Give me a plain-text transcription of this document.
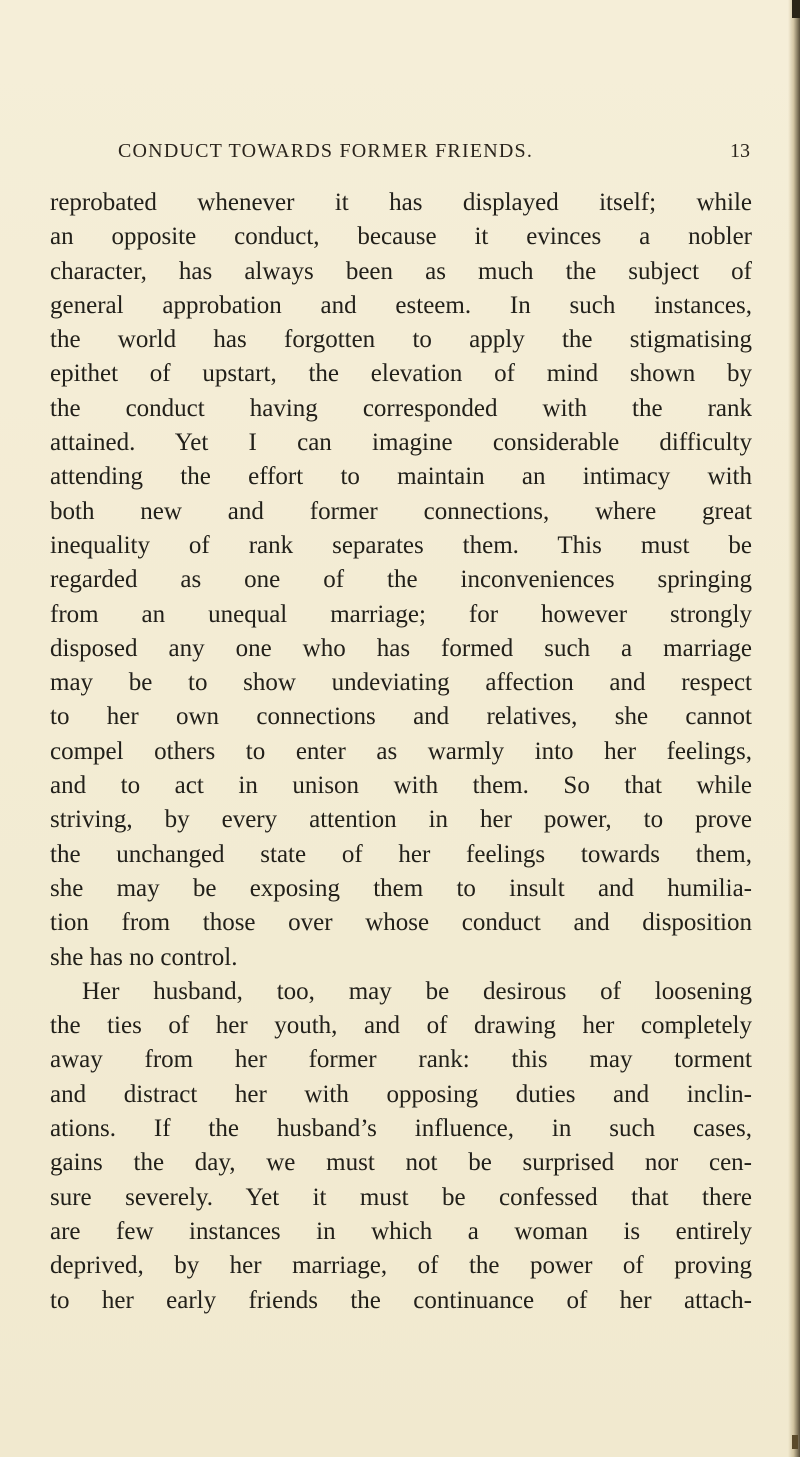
CONDUCT TOWARDS FORMER FRIENDS.	13
reprobated whenever it has displayed itself; while
an opposite conduct, because it evinces a nobler
character, has always been as much the subject of
general approbation and esteem. In such instances,
the world has forgotten to apply the stigmatising
epithet of upstart, the elevation of mind shown by
the conduct having corresponded with the rank
attained. Yet I can imagine considerable difficulty
attending the effort to maintain an intimacy with
both new and former connections, where great
inequality of rank separates them. This must be
regarded as one of the inconveniences springing
from an unequal marriage; for however strongly
disposed any one who has formed such a marriage
may be to show undeviating affection and respect
to her own connections and relatives, she cannot
compel others to enter as warmly into her feelings,
and to act in unison with them. So that while
striving, by every attention in her power, to prove
the unchanged state of her feelings towards them,
she may be exposing them to insult and humilia-
tion from those over whose conduct and disposition
she has no control.
Her husband, too, may be desirous of loosening
the ties of her youth, and of drawing her completely
away from her former rank: this may torment
and distract her with opposing duties and inclin-
ations. If the husband’s influence, in such cases,
gains the day, we must not be surprised nor cen-
sure severely. Yet it must be confessed that there
are few instances in which a woman is entirely
deprived, by her marriage, of the power of proving
to her early friends the continuance of her attach-
